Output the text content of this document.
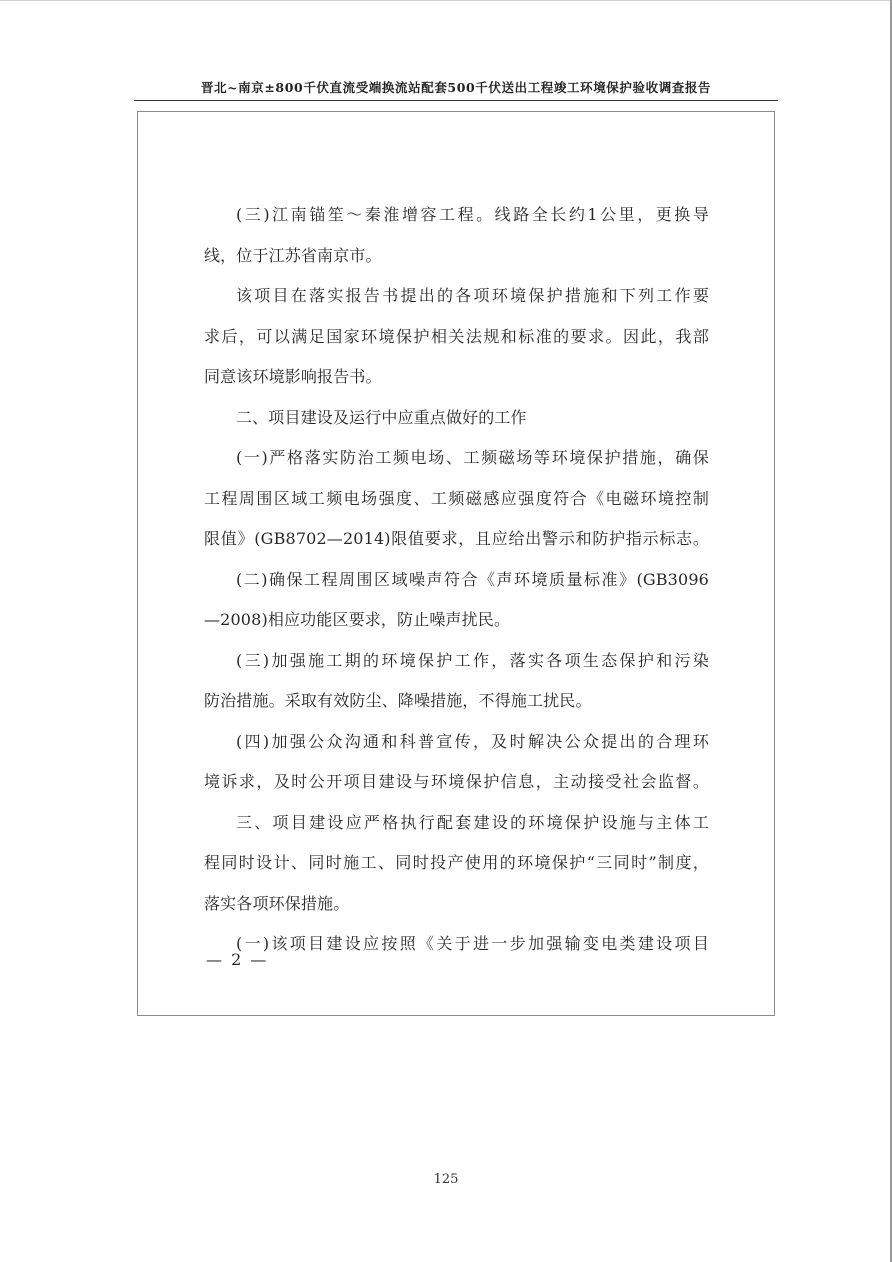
晋北~南京±800千伏直流受端换流站配套500千伏送出工程竣工环境保护验收调查报告
(三)江南锚笙～秦淮增容工程。线路全长约1公里，更换导
线，位于江苏省南京市。
该项目在落实报告书提出的各项环境保护措施和下列工作要
求后，可以满足国家环境保护相关法规和标准的要求。因此，我部
同意该环境影响报告书。
二、项目建设及运行中应重点做好的工作
(一)严格落实防治工频电场、工频磁场等环境保护措施，确保
工程周围区域工频电场强度、工频磁感应强度符合《电磁环境控制
限值》(GB8702—2014)限值要求，且应给出警示和防护指示标志。
(二)确保工程周围区域噪声符合《声环境质量标准》(GB3096
—2008)相应功能区要求，防止噪声扰民。
(三)加强施工期的环境保护工作，落实各项生态保护和污染
防治措施。采取有效防尘、降噪措施，不得施工扰民。
(四)加强公众沟通和科普宣传，及时解决公众提出的合理环
境诉求，及时公开项目建设与环境保护信息，主动接受社会监督。
三、项目建设应严格执行配套建设的环境保护设施与主体工
程同时设计、同时施工、同时投产使用的环境保护“三同时”制度，
落实各项环保措施。
(一)该项目建设应按照《关于进一步加强输变电类建设项目
— 2 —
125
